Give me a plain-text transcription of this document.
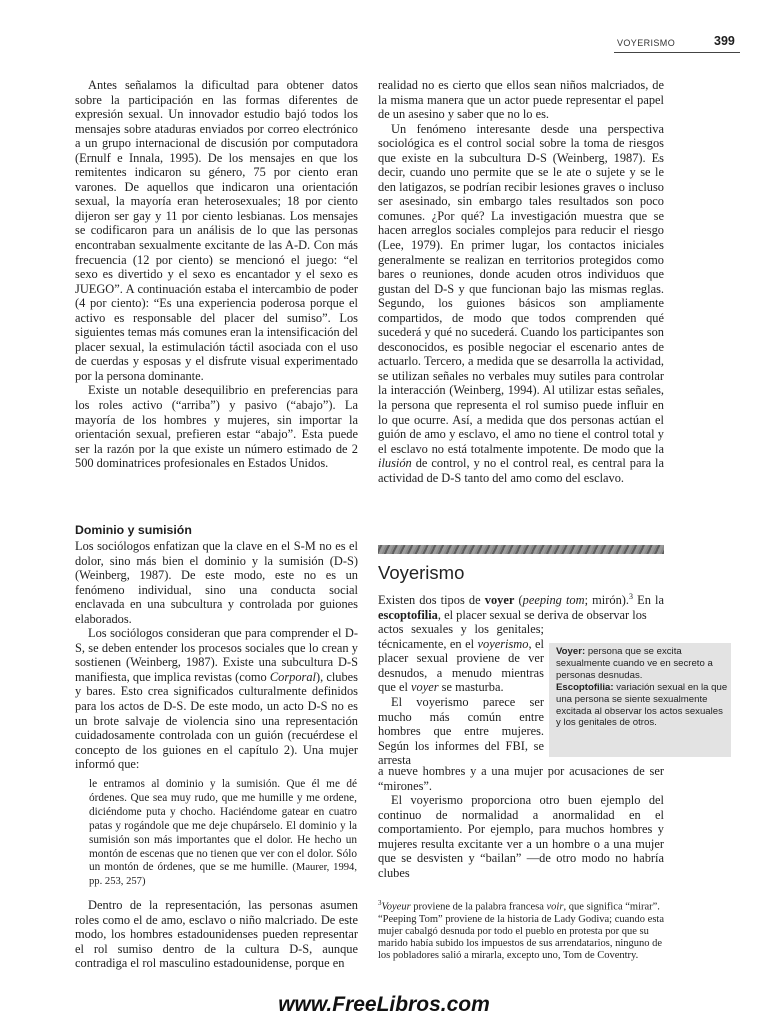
VOYERISMO	399

Antes señalamos la dificultad para obtener datos sobre la participación en las formas diferentes de expresión sexual. Un innovador estudio bajó todos los mensajes sobre ataduras enviados por correo electrónico a un grupo internacional de discusión por computadora (Ernulf e Innala, 1995). De los mensajes en que los remitentes indicaron su género, 75 por ciento eran varones. De aquellos que indicaron una orientación sexual, la mayoría eran heterosexuales; 18 por ciento dijeron ser gay y 11 por ciento lesbianas. Los mensajes se codificaron para un análisis de lo que las personas encontraban sexualmente excitante de las A-D. Con más frecuencia (12 por ciento) se mencionó el juego: “el sexo es divertido y el sexo es encantador y el sexo es JUEGO”. A continuación estaba el intercambio de poder (4 por ciento): “Es una experiencia poderosa porque el activo es responsable del placer del sumiso”. Los siguientes temas más comunes eran la intensificación del placer sexual, la estimulación táctil asociada con el uso de cuerdas y esposas y el disfrute visual experimentado por la persona dominante.

Existe un notable desequilibrio en preferencias para los roles activo (“arriba”) y pasivo (“abajo”). La mayoría de los hombres y mujeres, sin importar la orientación sexual, prefieren estar “abajo”. Esta puede ser la razón por la que existe un número estimado de 2 500 dominatrices profesionales en Estados Unidos.

Dominio y sumisión

Los sociólogos enfatizan que la clave en el S-M no es el dolor, sino más bien el dominio y la sumisión (D-S) (Weinberg, 1987). De este modo, este no es un fenómeno individual, sino una conducta social enclavada en una subcultura y controlada por guiones elaborados.

Los sociólogos consideran que para comprender el D-S, se deben entender los procesos sociales que lo crean y sostienen (Weinberg, 1987). Existe una subcultura D-S manifiesta, que implica revistas (como Corporal), clubes y bares. Esto crea significados culturalmente definidos para los actos de D-S. De este modo, un acto D-S no es un brote salvaje de violencia sino una representación cuidadosamente controlada con un guión (recuérdese el concepto de los guiones en el capítulo 2). Una mujer informó que:

le entramos al dominio y la sumisión. Que él me dé órdenes. Que sea muy rudo, que me humille y me ordene, diciéndome puta y chocho. Haciéndome gatear en cuatro patas y rogándole que me deje chupárselo. El dominio y la sumisión son más importantes que el dolor. He hecho un montón de escenas que no tienen que ver con el dolor. Sólo un montón de órdenes, que se me humille. (Maurer, 1994, pp. 253, 257)

Dentro de la representación, las personas asumen roles como el de amo, esclavo o niño malcriado. De este modo, los hombres estadounidenses pueden representar el rol sumiso dentro de la cultura D-S, aunque contradiga el rol masculino estadounidense, porque en

realidad no es cierto que ellos sean niños malcriados, de la misma manera que un actor puede representar el papel de un asesino y saber que no lo es.

Un fenómeno interesante desde una perspectiva sociológica es el control social sobre la toma de riesgos que existe en la subcultura D-S (Weinberg, 1987). Es decir, cuando uno permite que se le ate o sujete y se le den latigazos, se podrían recibir lesiones graves o incluso ser asesinado, sin embargo tales resultados son poco comunes. ¿Por qué? La investigación muestra que se hacen arreglos sociales complejos para reducir el riesgo (Lee, 1979). En primer lugar, los contactos iniciales generalmente se realizan en territorios protegidos como bares o reuniones, donde acuden otros individuos que gustan del D-S y que funcionan bajo las mismas reglas. Segundo, los guiones básicos son ampliamente compartidos, de modo que todos comprenden qué sucederá y qué no sucederá. Cuando los participantes son desconocidos, es posible negociar el escenario antes de actuarlo. Tercero, a medida que se desarrolla la actividad, se utilizan señales no verbales muy sutiles para controlar la interacción (Weinberg, 1994). Al utilizar estas señales, la persona que representa el rol sumiso puede influir en lo que ocurre. Así, a medida que dos personas actúan el guión de amo y esclavo, el amo no tiene el control total y el esclavo no está totalmente impotente. De modo que la ilusión de control, y no el control real, es central para la actividad de D-S tanto del amo como del esclavo.

Voyerismo

Existen dos tipos de voyer (peeping tom; mirón).$^3$ En la escoptofilia, el placer sexual se deriva de observar los

actos sexuales y los genitales; técnicamente, en el voyerismo, el placer sexual proviene de ver desnudos, a menudo mientras que el voyer se masturba.

El voyerismo parece ser mucho más común entre hombres que entre mujeres. Según los informes del FBI, se arresta

Voyer: persona que se excita sexualmente cuando ve en secreto a personas desnudas.
Escoptofilia: variación sexual en la que una persona se siente sexualmente excitada al observar los actos sexuales y los genitales de otros.

a nueve hombres y a una mujer por acusaciones de ser “mirones”.

El voyerismo proporciona otro buen ejemplo del continuo de normalidad a anormalidad en el comportamiento. Por ejemplo, para muchos hombres y mujeres resulta excitante ver a un hombre o a una mujer que se desvisten y “bailan” —de otro modo no habría clubes

$^3$Voyeur proviene de la palabra francesa voir, que significa “mirar”. “Peeping Tom” proviene de la historia de Lady Godiva; cuando esta mujer cabalgó desnuda por todo el pueblo en protesta por que su marido había subido los impuestos de sus arrendatarios, ninguno de los pobladores salió a mirarla, excepto uno, Tom de Coventry.
www.FreeLibros.com
